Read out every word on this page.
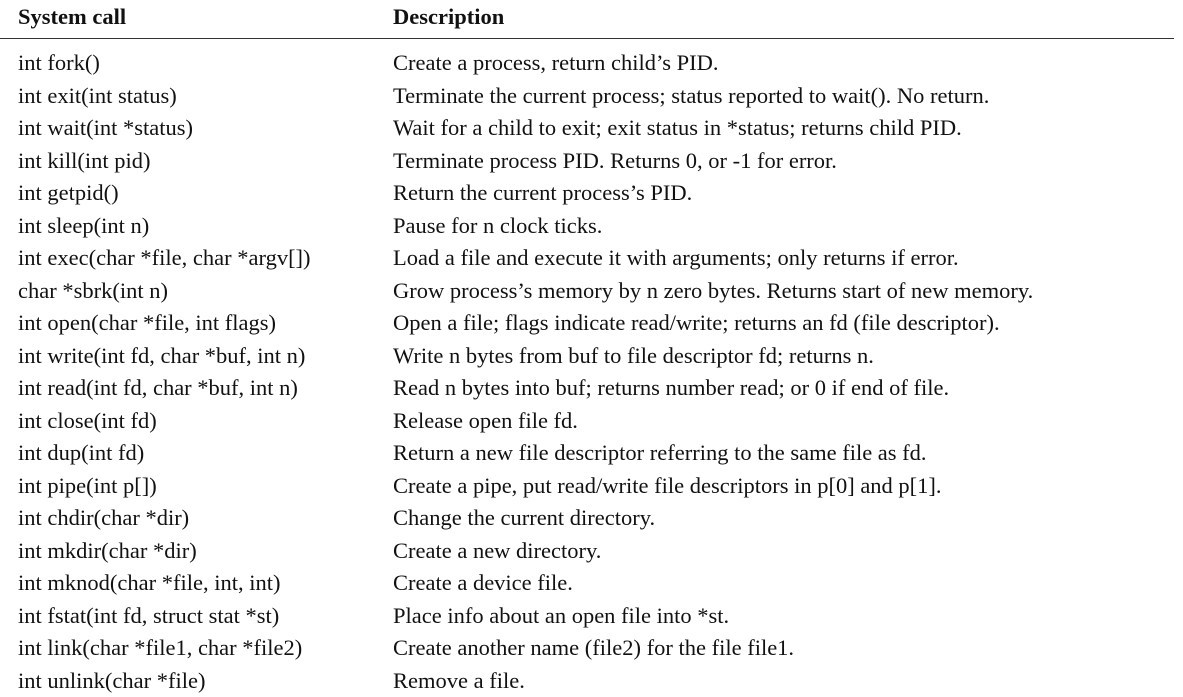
System call	Description
int fork()	Create a process, return child’s PID.
int exit(int status)	Terminate the current process; status reported to wait(). No return.
int wait(int *status)	Wait for a child to exit; exit status in *status; returns child PID.
int kill(int pid)	Terminate process PID. Returns 0, or -1 for error.
int getpid()	Return the current process’s PID.
int sleep(int n)	Pause for n clock ticks.
int exec(char *file, char *argv[])	Load a file and execute it with arguments; only returns if error.
char *sbrk(int n)	Grow process’s memory by n zero bytes. Returns start of new memory.
int open(char *file, int flags)	Open a file; flags indicate read/write; returns an fd (file descriptor).
int write(int fd, char *buf, int n)	Write n bytes from buf to file descriptor fd; returns n.
int read(int fd, char *buf, int n)	Read n bytes into buf; returns number read; or 0 if end of file.
int close(int fd)	Release open file fd.
int dup(int fd)	Return a new file descriptor referring to the same file as fd.
int pipe(int p[])	Create a pipe, put read/write file descriptors in p[0] and p[1].
int chdir(char *dir)	Change the current directory.
int mkdir(char *dir)	Create a new directory.
int mknod(char *file, int, int)	Create a device file.
int fstat(int fd, struct stat *st)	Place info about an open file into *st.
int link(char *file1, char *file2)	Create another name (file2) for the file file1.
int unlink(char *file)	Remove a file.
